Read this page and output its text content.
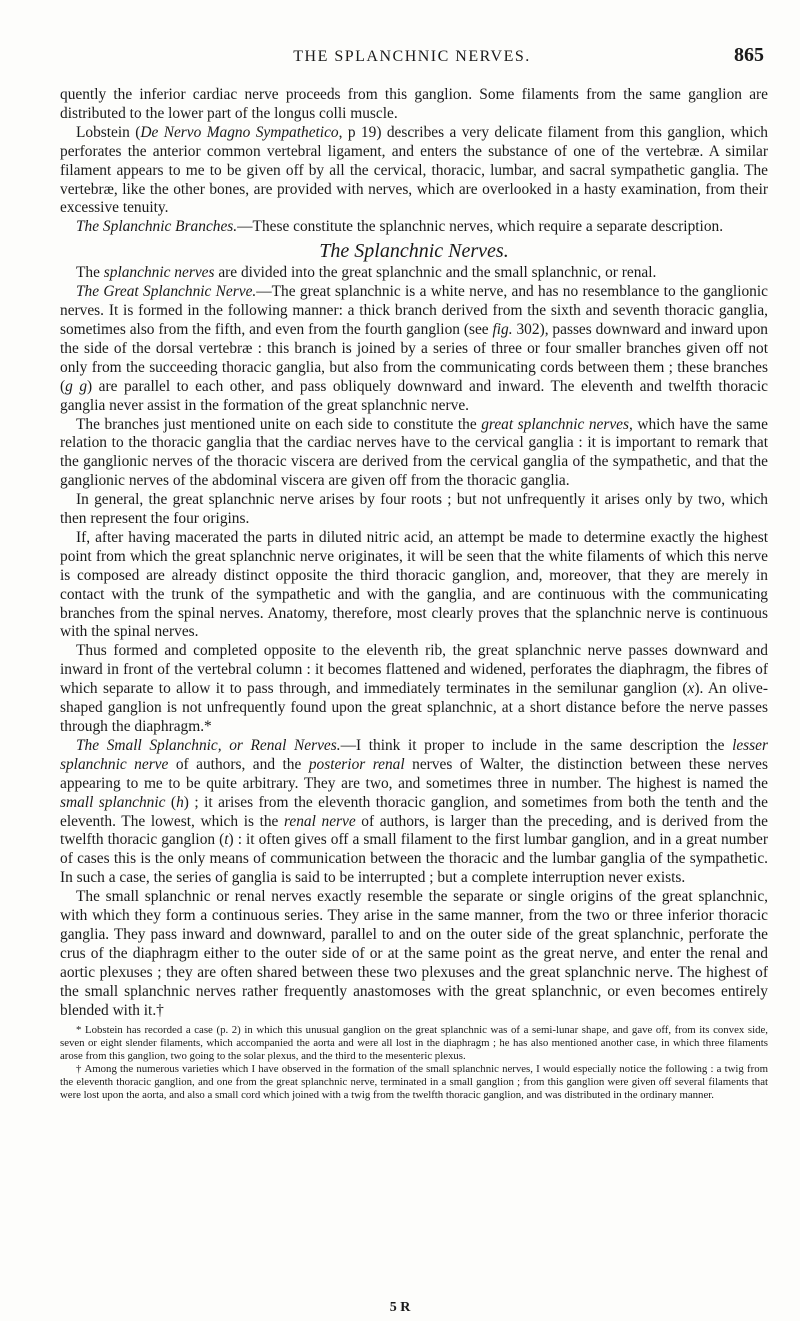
THE SPLANCHNIC NERVES.	865

quently the inferior cardiac nerve proceeds from this ganglion. Some filaments from the same ganglion are distributed to the lower part of the longus colli muscle.

Lobstein (De Nervo Magno Sympathetico, p 19) describes a very delicate filament from this ganglion, which perforates the anterior common vertebral ligament, and enters the substance of one of the vertebræ. A similar filament appears to me to be given off by all the cervical, thoracic, lumbar, and sacral sympathetic ganglia. The vertebræ, like the other bones, are provided with nerves, which are overlooked in a hasty examination, from their excessive tenuity.

The Splanchnic Branches.—These constitute the splanchnic nerves, which require a separate description.

The Splanchnic Nerves.

The splanchnic nerves are divided into the great splanchnic and the small splanchnic, or renal.

The Great Splanchnic Nerve.—The great splanchnic is a white nerve, and has no resemblance to the ganglionic nerves. It is formed in the following manner: a thick branch derived from the sixth and seventh thoracic ganglia, sometimes also from the fifth, and even from the fourth ganglion (see fig. 302), passes downward and inward upon the side of the dorsal vertebræ : this branch is joined by a series of three or four smaller branches given off not only from the succeeding thoracic ganglia, but also from the communicating cords between them ; these branches (g g) are parallel to each other, and pass obliquely downward and inward. The eleventh and twelfth thoracic ganglia never assist in the formation of the great splanchnic nerve.

The branches just mentioned unite on each side to constitute the great splanchnic nerves, which have the same relation to the thoracic ganglia that the cardiac nerves have to the cervical ganglia : it is important to remark that the ganglionic nerves of the thoracic viscera are derived from the cervical ganglia of the sympathetic, and that the ganglionic nerves of the abdominal viscera are given off from the thoracic ganglia.

In general, the great splanchnic nerve arises by four roots ; but not unfrequently it arises only by two, which then represent the four origins.

If, after having macerated the parts in diluted nitric acid, an attempt be made to determine exactly the highest point from which the great splanchnic nerve originates, it will be seen that the white filaments of which this nerve is composed are already distinct opposite the third thoracic ganglion, and, moreover, that they are merely in contact with the trunk of the sympathetic and with the ganglia, and are continuous with the communicating branches from the spinal nerves. Anatomy, therefore, most clearly proves that the splanchnic nerve is continuous with the spinal nerves.

Thus formed and completed opposite to the eleventh rib, the great splanchnic nerve passes downward and inward in front of the vertebral column : it becomes flattened and widened, perforates the diaphragm, the fibres of which separate to allow it to pass through, and immediately terminates in the semilunar ganglion (x). An olive-shaped ganglion is not unfrequently found upon the great splanchnic, at a short distance before the nerve passes through the diaphragm.*

The Small Splanchnic, or Renal Nerves.—I think it proper to include in the same description the lesser splanchnic nerve of authors, and the posterior renal nerves of Walter, the distinction between these nerves appearing to me to be quite arbitrary. They are two, and sometimes three in number. The highest is named the small splanchnic (h) ; it arises from the eleventh thoracic ganglion, and sometimes from both the tenth and the eleventh. The lowest, which is the renal nerve of authors, is larger than the preceding, and is derived from the twelfth thoracic ganglion (t) : it often gives off a small filament to the first lumbar ganglion, and in a great number of cases this is the only means of communication between the thoracic and the lumbar ganglia of the sympathetic. In such a case, the series of ganglia is said to be interrupted ; but a complete interruption never exists.

The small splanchnic or renal nerves exactly resemble the separate or single origins of the great splanchnic, with which they form a continuous series. They arise in the same manner, from the two or three inferior thoracic ganglia. They pass inward and downward, parallel to and on the outer side of the great splanchnic, perforate the crus of the diaphragm either to the outer side of or at the same point as the great nerve, and enter the renal and aortic plexuses ; they are often shared between these two plexuses and the great splanchnic nerve. The highest of the small splanchnic nerves rather frequently anastomoses with the great splanchnic, or even becomes entirely blended with it.†

* Lobstein has recorded a case (p. 2) in which this unusual ganglion on the great splanchnic was of a semi-lunar shape, and gave off, from its convex side, seven or eight slender filaments, which accompanied the aorta and were all lost in the diaphragm ; he has also mentioned another case, in which three filaments arose from this ganglion, two going to the solar plexus, and the third to the mesenteric plexus.

† Among the numerous varieties which I have observed in the formation of the small splanchnic nerves, I would especially notice the following : a twig from the eleventh thoracic ganglion, and one from the great splanchnic nerve, terminated in a small ganglion ; from this ganglion were given off several filaments that were lost upon the aorta, and also a small cord which joined with a twig from the twelfth thoracic ganglion, and was distributed in the ordinary manner.

5 R
